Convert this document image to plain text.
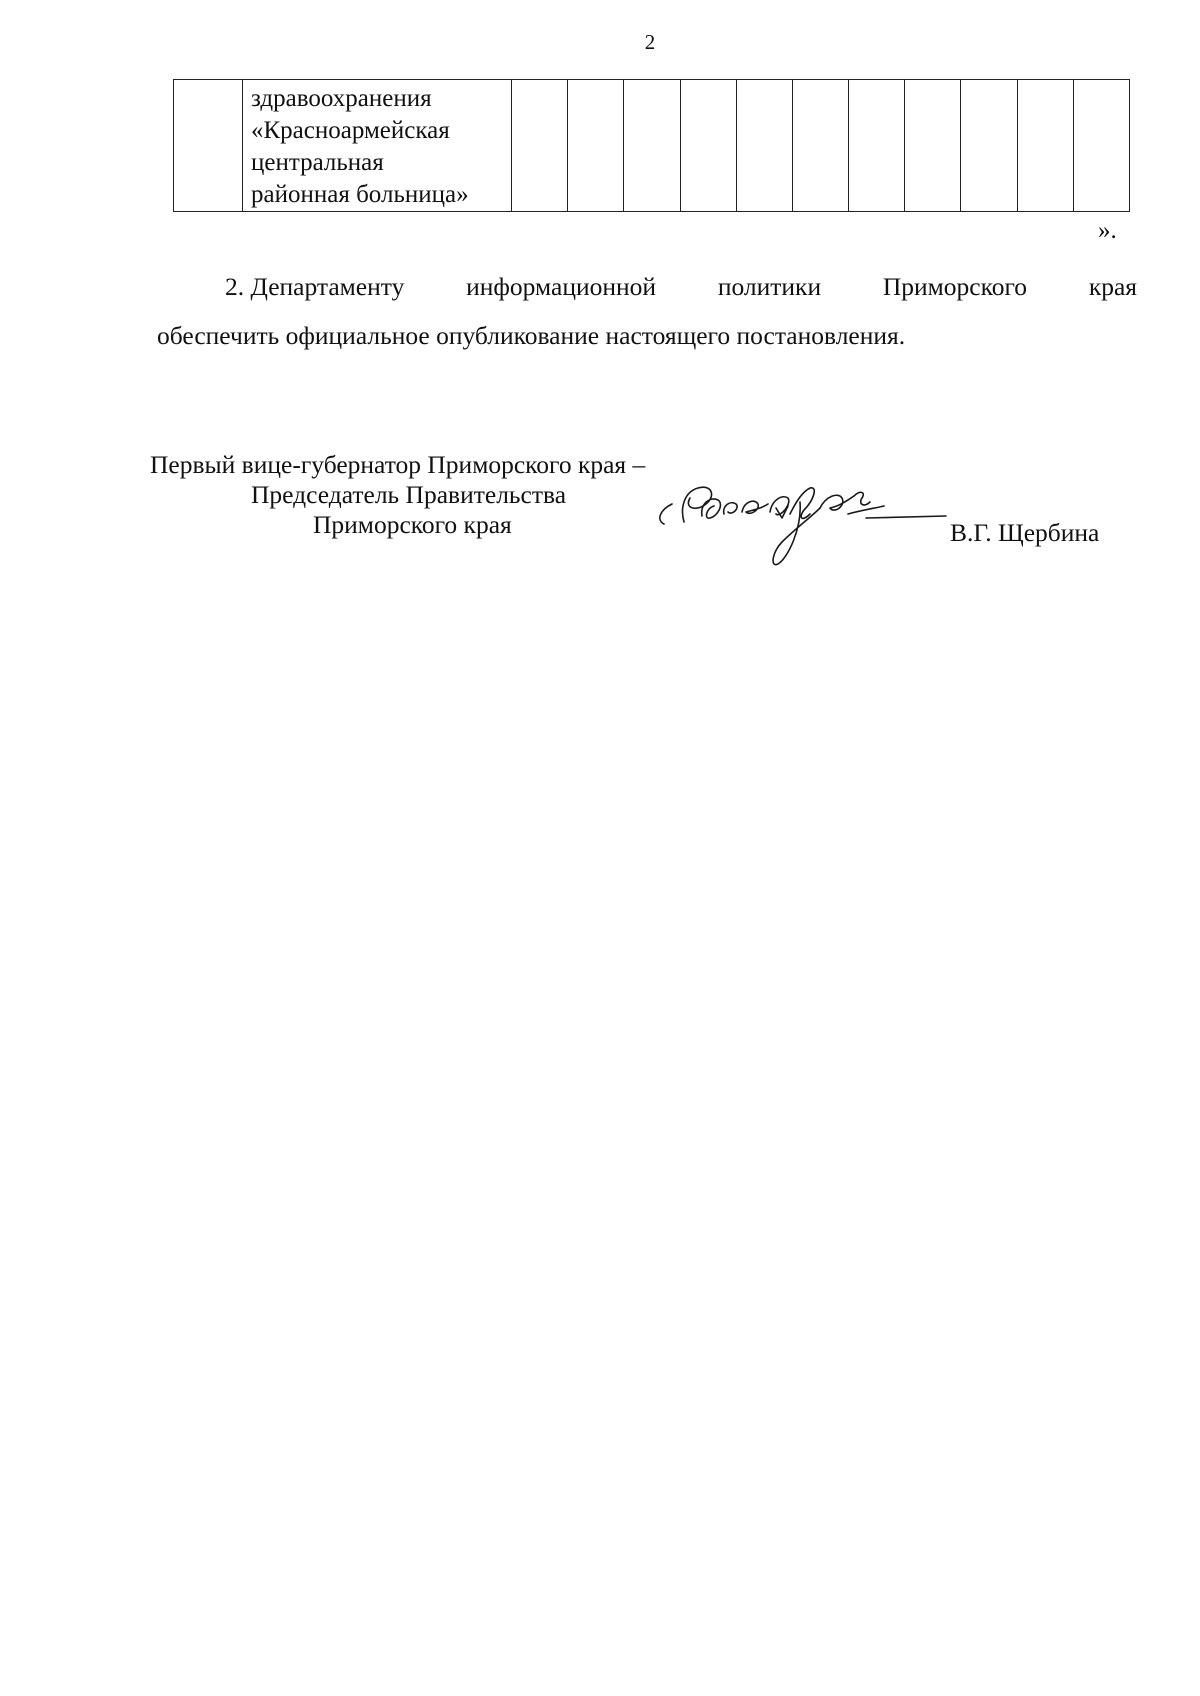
2

здравоохранения
«Красноармейская
центральная
районная больница»

».
2. Департаменту информационной политики Приморского края
обеспечить официальное опубликование настоящего постановления.
Первый вице-губернатор Приморского края –
Председатель Правительства
Приморского края	В.Г. Щербина
